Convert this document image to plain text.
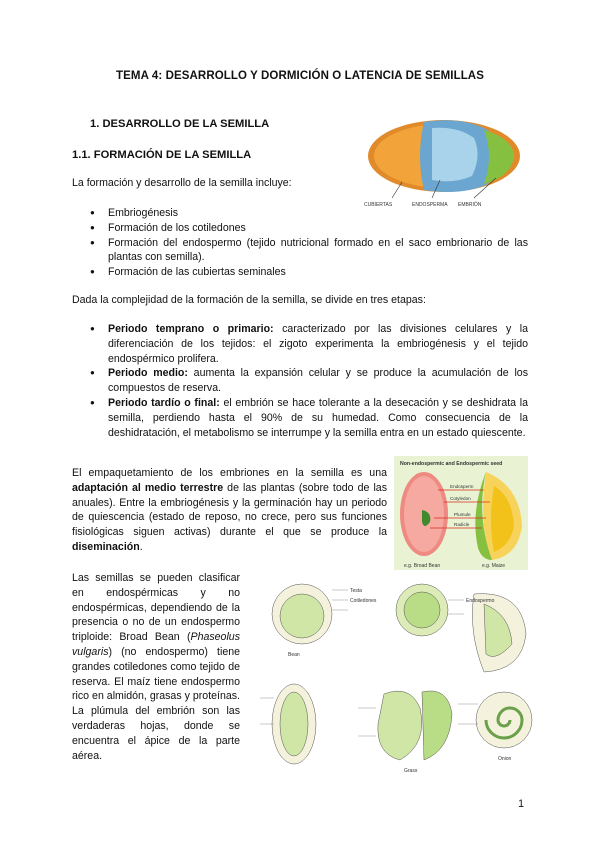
TEMA 4: DESARROLLO Y DORMICIÓN O LATENCIA DE SEMILLAS
1. DESARROLLO DE LA SEMILLA
1.1. FORMACIÓN DE LA SEMILLA
CUBIERTAS	ENDOSPERMA EMBRIÓN
La formación y desarrollo de la semilla incluye:
● Embriogénesis
● Formación de los cotiledones
● Formación del endospermo (tejido nutricional formado en el saco embrionario de las plantas con semilla).
● Formación de las cubiertas seminales
Dada la complejidad de la formación de la semilla, se divide en tres etapas:
● Periodo temprano o primario: caracterizado por las divisiones celulares y la diferenciación de los tejidos: el zigoto experimenta la embriogénesis y el tejido endospérmico prolifera.
● Periodo medio: aumenta la expansión celular y se produce la acumulación de los compuestos de reserva.
● Periodo tardío o final: el embrión se hace tolerante a la desecación y se deshidrata la semilla, perdiendo hasta el 90% de su humedad. Como consecuencia de la deshidratación, el metabolismo se interrumpe y la semilla entra en un estado quiescente.
El empaquetamiento de los embriones en la semilla es una adaptación al medio terrestre de las plantas (sobre todo de las anuales). Entre la embriogénesis y la germinación hay un periodo de quiescencia (estado de reposo, no crece, pero sus funciones fisiológicas siguen activas) durante el que se produce la diseminación.
Non-endospermic and Endospermic seed
Endosperm
Cotyledon
Plumule
Radicle
e.g. Broad Bean	e.g. Maize
Las semillas se pueden clasificar en endospérmicas y no endospérmicas, dependiendo de la presencia o no de un endospermo triploide: Broad Bean (Phaseolus vulgaris) (no endospermo) tiene grandes cotiledones como tejido de reserva. El maíz tiene endospermo rico en almidón, grasas y proteínas. La plúmula del embrión son las verdaderas hojas, donde se encuentra el ápice de la parte aérea.
Testa
Cotiledones	Endospermo
Bean
Grass
Onion
1
